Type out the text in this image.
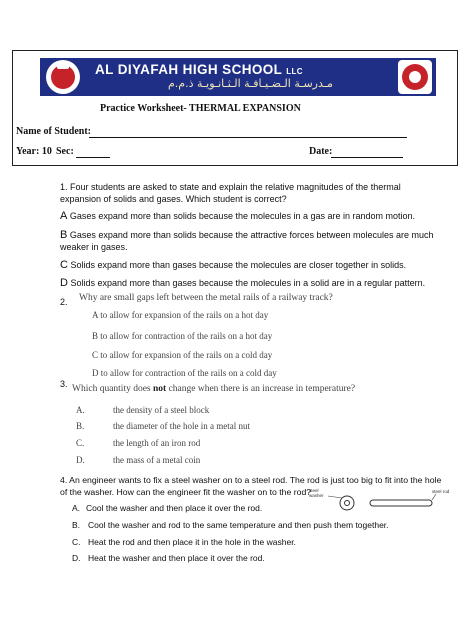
AL DIYAFAH HIGH SCHOOL LLC
مـدرسـة الـضـيـافـة الـثـانـويـة ذ.م.م
Practice Worksheet- THERMAL EXPANSION
Name of Student:
Year: 10 Sec:	Date:
1. Four students are asked to state and explain the relative magnitudes of the thermal
expansion of solids and gases. Which student is correct?
A Gases expand more than solids because the molecules in a gas are in random motion.
B Gases expand more than solids because the attractive forces between molecules are much
weaker in gases.
C Solids expand more than gases because the molecules are closer together in solids.
D Solids expand more than gases because the molecules in a solid are in a regular pattern.
2. Why are small gaps left between the metal rails of a railway track?
A to allow for expansion of the rails on a hot day
B to allow for contraction of the rails on a hot day
C to allow for expansion of the rails on a cold day
D to allow for contraction of the rails on a cold day
3. Which quantity does not change when there is an increase in temperature?
A.	the density of a steel block
B.	the diameter of the hole in a metal nut
C.	the length of an iron rod
D.	the mass of a metal coin
4. An engineer wants to fix a steel washer on to a steel rod. The rod is just too big to fit into the hole
of the washer. How can the engineer fit the washer on to the rod?
steel
washer
steel rod
A. Cool the washer and then place it over the rod.
B. Cool the washer and rod to the same temperature and then push them together.
C. Heat the rod and then place it in the hole in the washer.
D. Heat the washer and then place it over the rod.
